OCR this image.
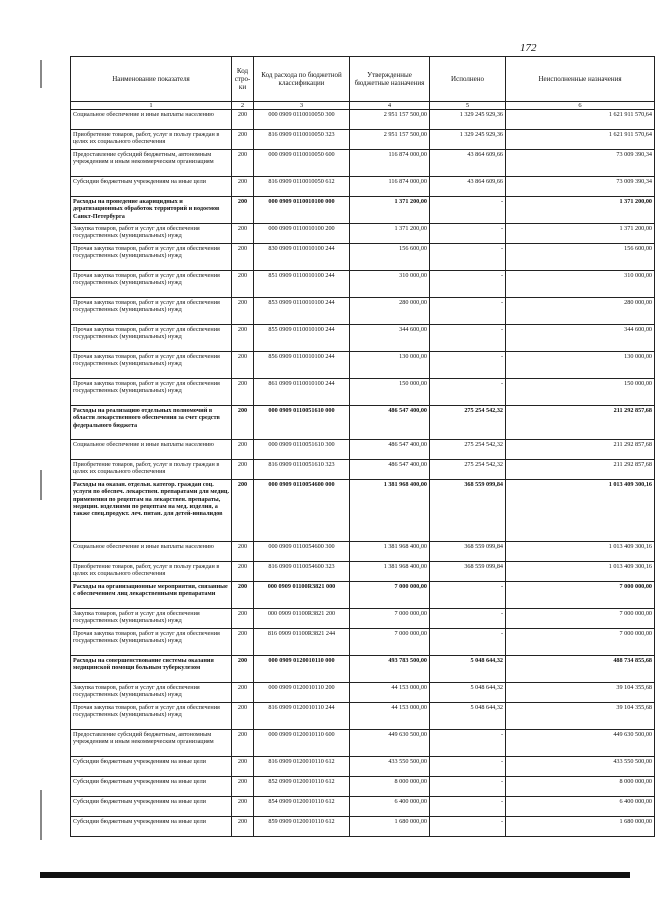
172
Наименование показателя	Код стро- ки	Код расхода по бюджетной классификации	Утвержденные бюджетные назначения	Исполнено	Неисполненные назначения
1	2	3	4	5	6
Социальное обеспечение и иные выплаты населению	200	000 0909 0110010050 300	2 951 157 500,00	1 329 245 929,36	1 621 911 570,64
Приобретение товаров, работ, услуг в пользу граждан в целях их социального обеспечения	200	816 0909 0110010050 323	2 951 157 500,00	1 329 245 929,36	1 621 911 570,64
Предоставление субсидий бюджетным, автономным учреждениям и иным некоммерческим организациям	200	000 0909 0110010050 600	116 874 000,00	43 864 609,66	73 009 390,34
Субсидии бюджетным учреждениям на иные цели	200	816 0909 0110010050 612	116 874 000,00	43 864 609,66	73 009 390,34
Расходы на проведение акарицидных и дератизационных обработок территорий и водоемов Санкт-Петербурга	200	000 0909 0110010100 000	1 371 200,00	-	1 371 200,00
Закупка товаров, работ и услуг для обеспечения государственных (муниципальных) нужд	200	000 0909 0110010100 200	1 371 200,00	-	1 371 200,00
Прочая закупка товаров, работ и услуг для обеспечения государственных (муниципальных) нужд	200	830 0909 0110010100 244	156 600,00	-	156 600,00
Прочая закупка товаров, работ и услуг для обеспечения государственных (муниципальных) нужд	200	851 0909 0110010100 244	310 000,00	-	310 000,00
Прочая закупка товаров, работ и услуг для обеспечения государственных (муниципальных) нужд	200	853 0909 0110010100 244	280 000,00	-	280 000,00
Прочая закупка товаров, работ и услуг для обеспечения государственных (муниципальных) нужд	200	855 0909 0110010100 244	344 600,00	-	344 600,00
Прочая закупка товаров, работ и услуг для обеспечения государственных (муниципальных) нужд	200	856 0909 0110010100 244	130 000,00	-	130 000,00
Прочая закупка товаров, работ и услуг для обеспечения государственных (муниципальных) нужд	200	861 0909 0110010100 244	150 000,00	-	150 000,00
Расходы на реализацию отдельных полномочий в области лекарственного обеспечения за счет средств федерального бюджета	200	000 0909 0110051610 000	486 547 400,00	275 254 542,32	211 292 857,68
Социальное обеспечение и иные выплаты населению	200	000 0909 0110051610 300	486 547 400,00	275 254 542,32	211 292 857,68
Приобретение товаров, работ, услуг в пользу граждан в целях их социального обеспечения	200	816 0909 0110051610 323	486 547 400,00	275 254 542,32	211 292 857,68
Расходы на оказан. отдельн. категор. граждан соц. услуги по обеспеч. лекарствен. препаратами для медиц. применения по рецептам на лекарствен. препараты, медицин. изделиями по рецептам на мед. изделия, а также спец.продукт. леч. питан. для детей-инвалидов	200	000 0909 0110054600 000	1 381 968 400,00	368 559 099,84	1 013 409 300,16
Социальное обеспечение и иные выплаты населению	200	000 0909 0110054600 300	1 381 968 400,00	368 559 099,84	1 013 409 300,16
Приобретение товаров, работ, услуг в пользу граждан в целях их социального обеспечения	200	816 0909 0110054600 323	1 381 968 400,00	368 559 099,84	1 013 409 300,16
Расходы на организационные мероприятия, связанные с обеспечением лиц лекарственными препаратами	200	000 0909 01100R3821 000	7 000 000,00	-	7 000 000,00
Закупка товаров, работ и услуг для обеспечения государственных (муниципальных) нужд	200	000 0909 01100R3821 200	7 000 000,00	-	7 000 000,00
Прочая закупка товаров, работ и услуг для обеспечения государственных (муниципальных) нужд	200	816 0909 01100R3821 244	7 000 000,00	-	7 000 000,00
Расходы на совершенствование системы оказания медицинской помощи больным туберкулезом	200	000 0909 0120010110 000	493 783 500,00	5 048 644,32	488 734 855,68
Закупка товаров, работ и услуг для обеспечения государственных (муниципальных) нужд	200	000 0909 0120010110 200	44 153 000,00	5 048 644,32	39 104 355,68
Прочая закупка товаров, работ и услуг для обеспечения государственных (муниципальных) нужд	200	816 0909 0120010110 244	44 153 000,00	5 048 644,32	39 104 355,68
Предоставление субсидий бюджетным, автономным учреждениям и иным некоммерческим организациям	200	000 0909 0120010110 600	449 630 500,00	-	449 630 500,00
Субсидии бюджетным учреждениям на иные цели	200	816 0909 0120010110 612	433 550 500,00	-	433 550 500,00
Субсидии бюджетным учреждениям на иные цели	200	852 0909 0120010110 612	8 000 000,00	-	8 000 000,00
Субсидии бюджетным учреждениям на иные цели	200	854 0909 0120010110 612	6 400 000,00	-	6 400 000,00
Субсидии бюджетным учреждениям на иные цели	200	859 0909 0120010110 612	1 680 000,00	-	1 680 000,00
